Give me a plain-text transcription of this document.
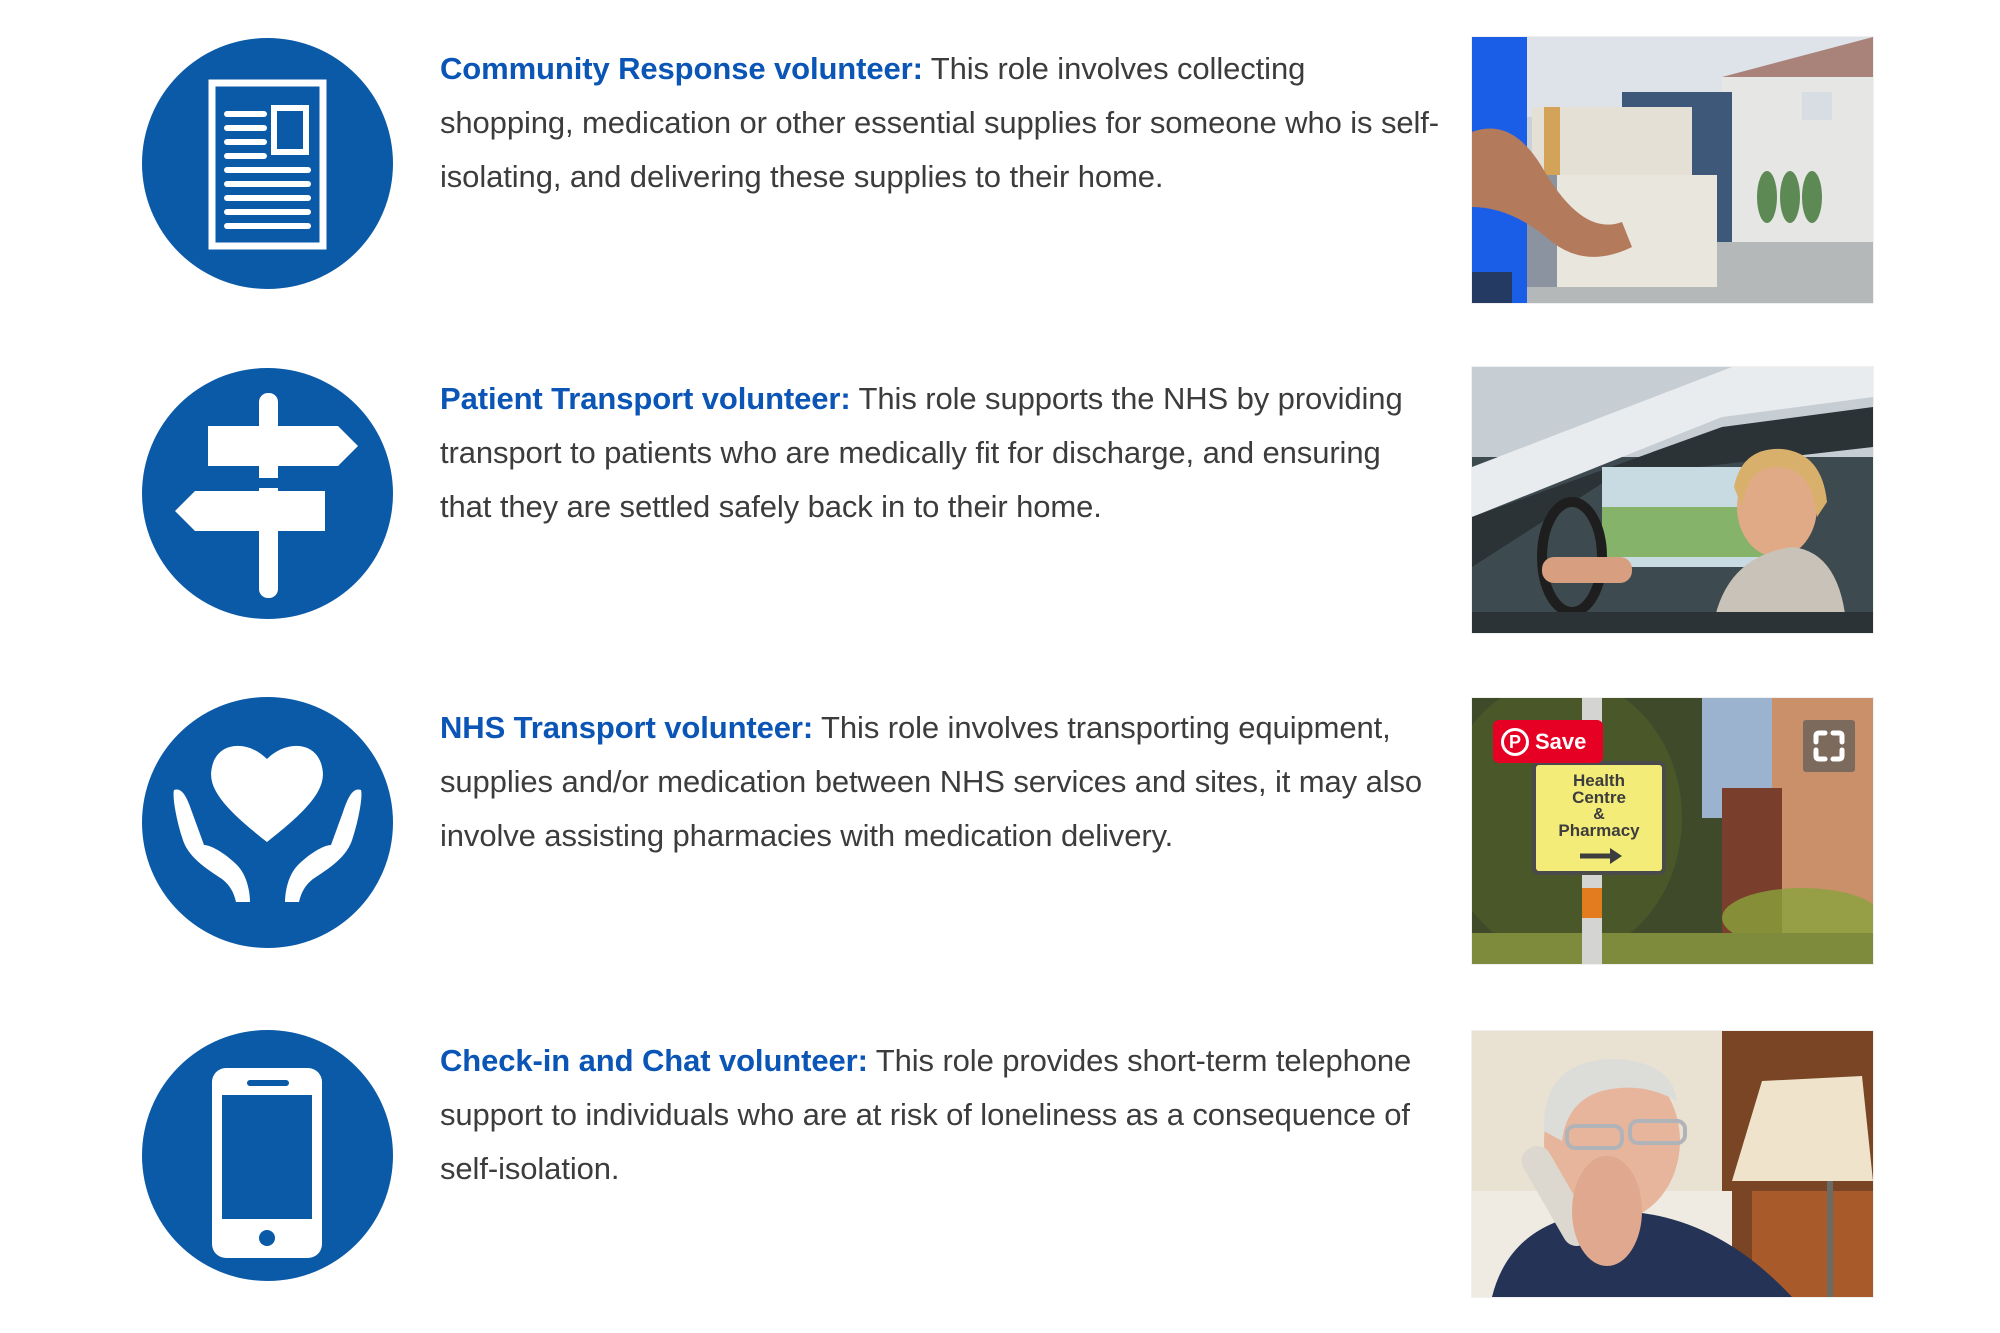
Community Response volunteer: This role involves collecting shopping, medication or other essential supplies for someone who is self-isolating, and delivering these supplies to their home.
Patient Transport volunteer: This role supports the NHS by providing transport to patients who are medically fit for discharge, and ensuring that they are settled safely back in to their home.
NHS Transport volunteer: This role involves transporting equipment, supplies and/or medication between NHS services and sites, it may also involve assisting pharmacies with medication delivery.
Health
Centre
&
Pharmacy
P Save
Check-in and Chat volunteer: This role provides short-term telephone support to individuals who are at risk of loneliness as a consequence of self-isolation.
